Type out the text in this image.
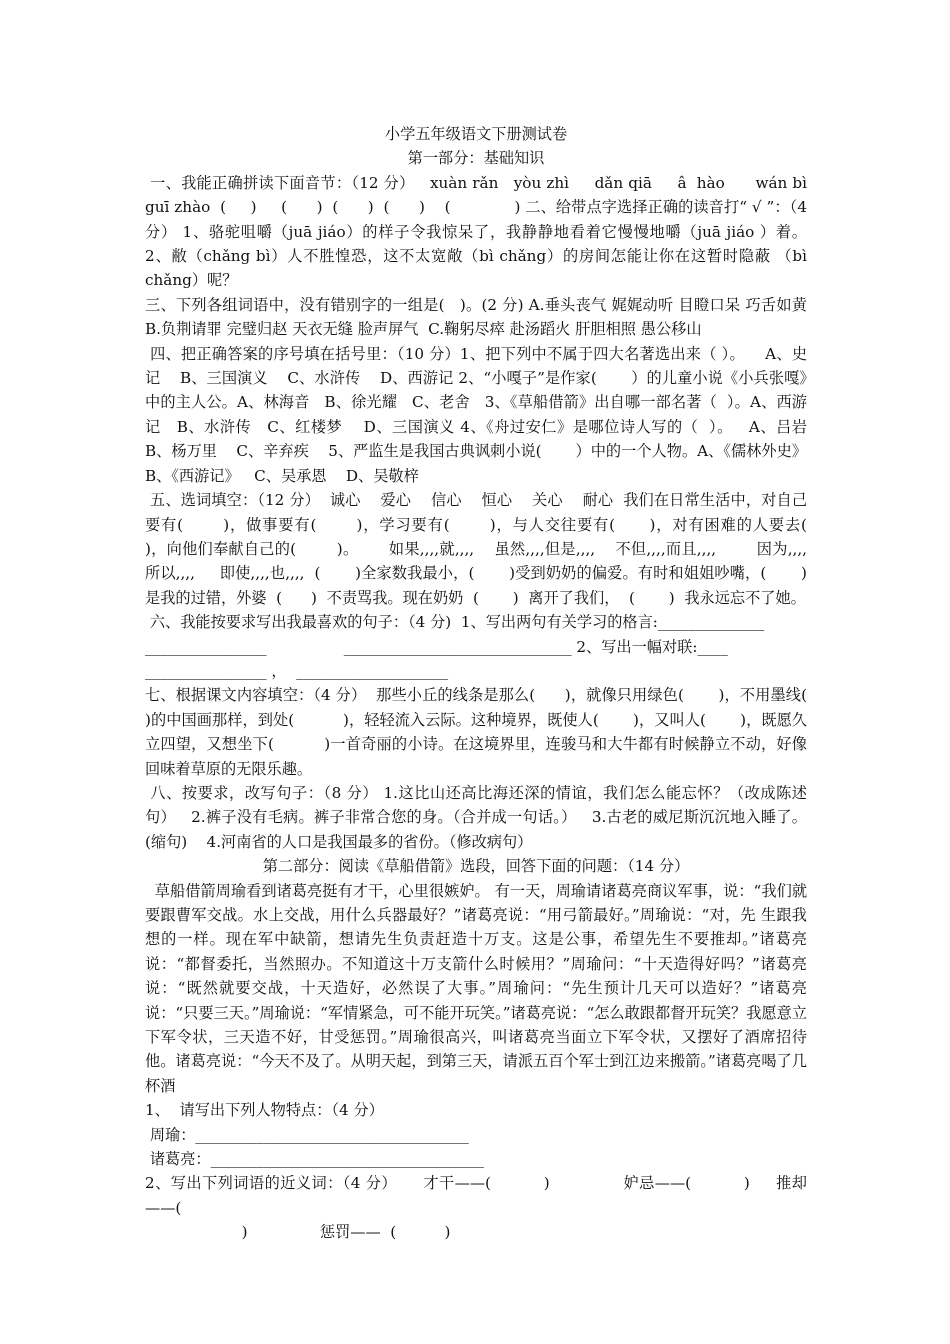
小学五年级语文下册测试卷

第一部分：基础知识

一、我能正确拼读下面音节：（12 分）   xuàn rǎn   yòu zhì     dǎn qiā     â  hào      wán bì guī zhào  (     )     (      )  (      )  (      )    (             ) 二、给带点字选择正确的读音打“ √ ”：（4 分） 1、骆驼咀嚼（juā jiáo）的样子令我惊呆了，我静静地看着它慢慢地嚼（juā jiáo ）着。 2、敝（chǎng bì）人不胜惶恐，这不太宽敞（bì chǎng）的房间怎能让你在这暂时隐蔽 （bì chǎng）呢？

三、下列各组词语中，没有错别字的一组是(   )。(2 分) A.垂头丧气 娓娓动听 目瞪口呆 巧舌如黄  B.负荆请罪 完璧归赵 天衣无缝 脸声屏气  C.鞠躬尽瘁 赴汤蹈火 肝胆相照 愚公移山

四、把正确答案的序号填在括号里：（10 分）1、把下列中不属于四大名著选出来（ ）。    A、史记    B、三国演义    C、水浒传    D、西游记 2、“小嘎子”是作家(       ）的儿童小说《小兵张嘎》中的主人公。A、林海音   B、徐光耀   C、老舍   3、《草船借箭》出自哪一部名著（  ）。A、西游记   B、水浒传   C、红楼梦    D、三国演义 4、《舟过安仁》是哪位诗人写的（  ）。   A、吕岩    B、杨万里    C、辛弃疾    5、严监生是我国古典讽刺小说(       ）中的一个人物。A、《儒林外史》   B、《西游记》   C、吴承恩    D、吴敬梓

五、选词填空：（12 分）  诚心    爱心    信心    恒心    关心    耐心  我们在日常生活中，对自己要有(       )，做事要有(       )，学习要有(       )，与人交往要有(      )，对有困难的人要去(       )，向他们奉献自己的(        )。      如果,,,,就,,,,    虽然,,,,但是,,,,    不但,,,,而且,,,,        因为,,,,所以,,,,     即使,,,,也,,,,  (       )全家数我最小，(       )受到奶奶的偏爱。有时和姐姐吵嘴，(       )是我的过错，外婆  (      )  不责骂我。现在奶奶  (       )  离开了我们，  (       )  我永远忘不了她。

六、我能按要求写出我最喜欢的句子：（4 分)  1、写出两句有关学习的格言:______________

________________                ______________________________ 2、写出一幅对联:____

________________ ，  ____________________

七、根据课文内容填空：（4 分）  那些小丘的线条是那么(      )，就像只用绿色(       )，不用墨线(       )的中国画那样，到处(          )，轻轻流入云际。这种境界，既使人(       )，又叫人(       )，既愿久立四望，又想坐下(          )一首奇丽的小诗。在这境界里，连骏马和大牛都有时候静立不动，好像回味着草原的无限乐趣。

八、按要求，改写句子：（8 分） 1.这比山还高比海还深的情谊，我们怎么能忘怀？（改成陈述句）   2.裤子没有毛病。裤子非常合您的身。（合并成一句话。）   3.古老的威尼斯沉沉地入睡了。(缩句)    4.河南省的人口是我国最多的省份。（修改病句）

第二部分：阅读《草船借箭》选段，回答下面的问题：（14 分）

草船借箭周瑜看到诸葛亮挺有才干，心里很嫉妒。 有一天，周瑜请诸葛亮商议军事，说：“我们就要跟曹军交战。水上交战，用什么兵器最好？”诸葛亮说：“用弓箭最好。”周瑜说：“对，先 生跟我想的一样。现在军中缺箭，想请先生负责赶造十万支。这是公事，希望先生不要推却。”诸葛亮说：“都督委托，当然照办。不知道这十万支箭什么时候用？”周瑜问：“十天造得好吗？”诸葛亮说：“既然就要交战，十天造好，必然误了大事。”周瑜问：“先生预计几天可以造好？”诸葛亮说：“只要三天。”周瑜说：“军情紧急，可不能开玩笑。”诸葛亮说：“怎么敢跟都督开玩笑？我愿意立下军令状，三天造不好，甘受惩罚。”周瑜很高兴，叫诸葛亮当面立下军令状，又摆好了酒席招待他。诸葛亮说：“今天不及了。从明天起，到第三天，请派五百个军士到江边来搬箭。”诸葛亮喝了几杯酒

1、  请写出下列人物特点：（4 分）

周瑜：____________________________________

诸葛亮：____________________________________

2、写出下列词语的近义词：（4 分）     才干——(          )              妒忌——(          )     推却——(

)               惩罚——  (          )
